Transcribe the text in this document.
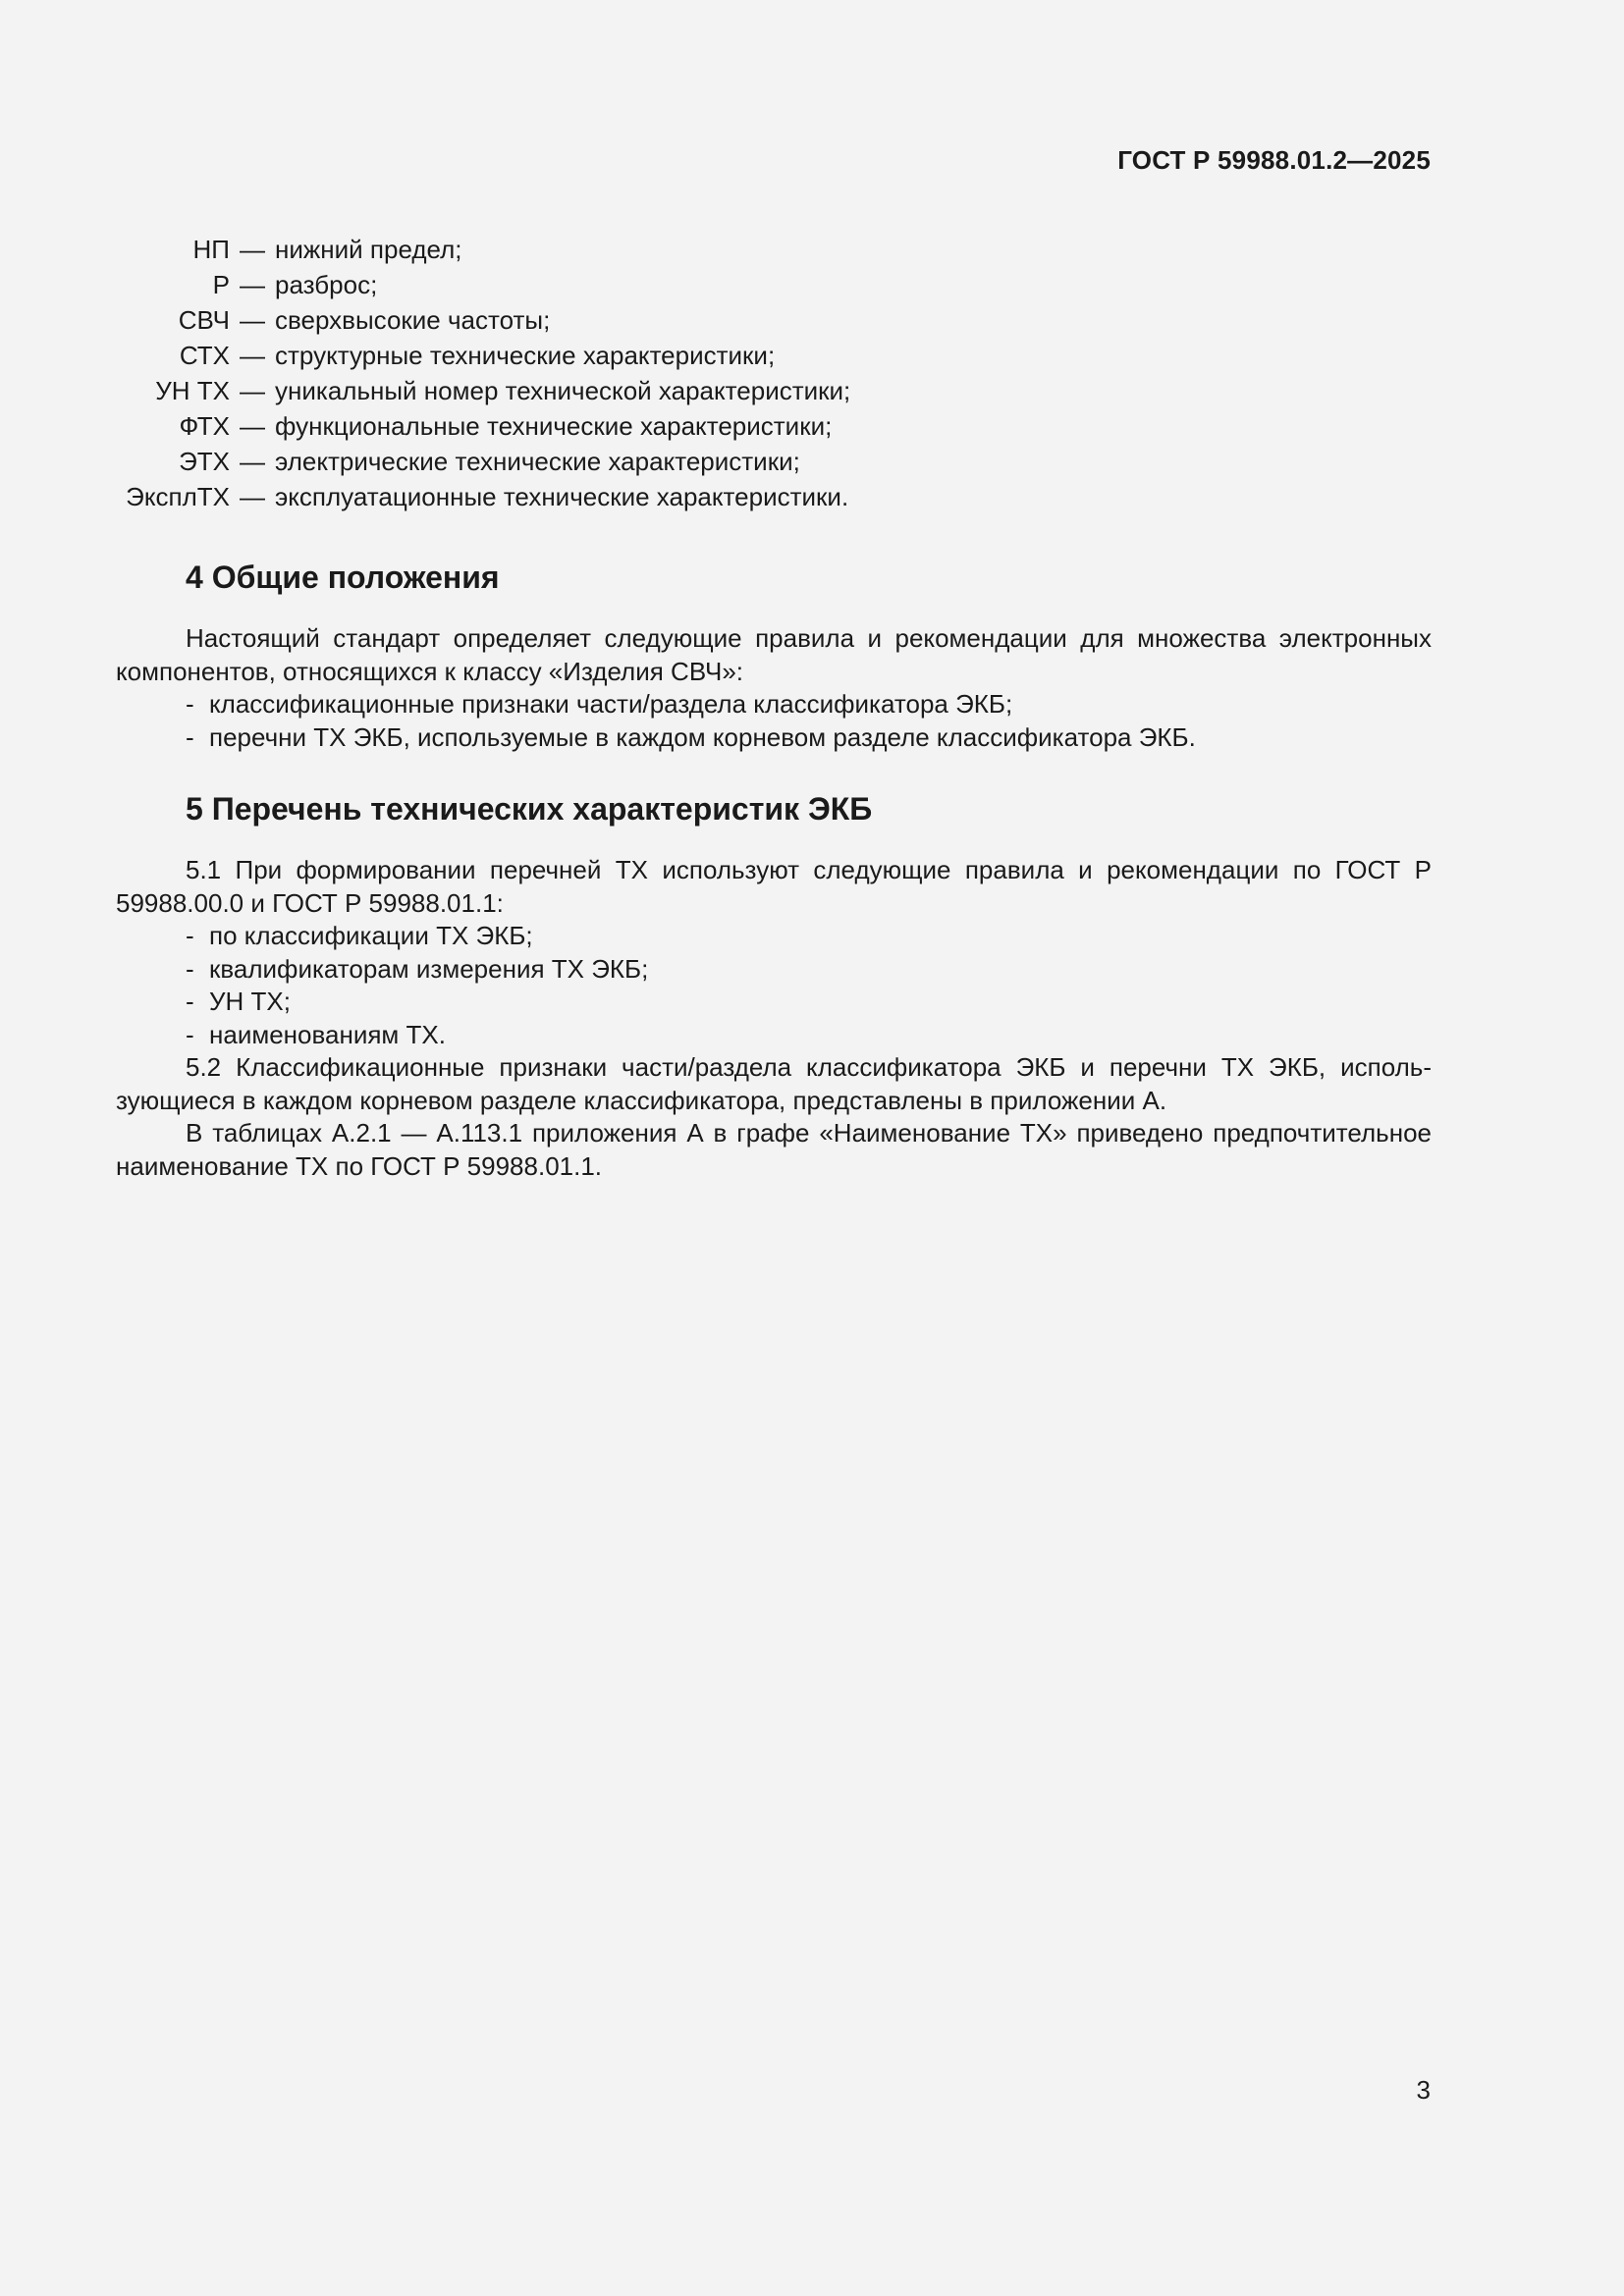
ГОСТ Р 59988.01.2—2025
НП — нижний предел;
Р — разброс;
СВЧ — сверхвысокие частоты;
СТХ — структурные технические характеристики;
УН ТХ — уникальный номер технической характеристики;
ФТХ — функциональные технические характеристики;
ЭТХ — электрические технические характеристики;
ЭксплТХ — эксплуатационные технические характеристики.
4 Общие положения

Настоящий стандарт определяет следующие правила и рекомендации для множества электронных компонентов, относящихся к классу «Изделия СВЧ»:

- классификационные признаки части/раздела классификатора ЭКБ;

- перечни ТХ ЭКБ, используемые в каждом корневом разделе классификатора ЭКБ.

5 Перечень технических характеристик ЭКБ

5.1 При формировании перечней ТХ используют следующие правила и рекомендации по ГОСТ Р 59988.00.0 и ГОСТ Р 59988.01.1:

- по классификации ТХ ЭКБ;

- квалификаторам измерения ТХ ЭКБ;

- УН ТХ;

- наименованиям ТХ.

5.2 Классификационные признаки части/раздела классификатора ЭКБ и перечни ТХ ЭКБ, использующиеся в каждом корневом разделе классификатора, представлены в приложении А.

В таблицах А.2.1 — А.113.1 приложения А в графе «Наименование ТХ» приведено предпочтительное наименование ТХ по ГОСТ Р 59988.01.1.

3
